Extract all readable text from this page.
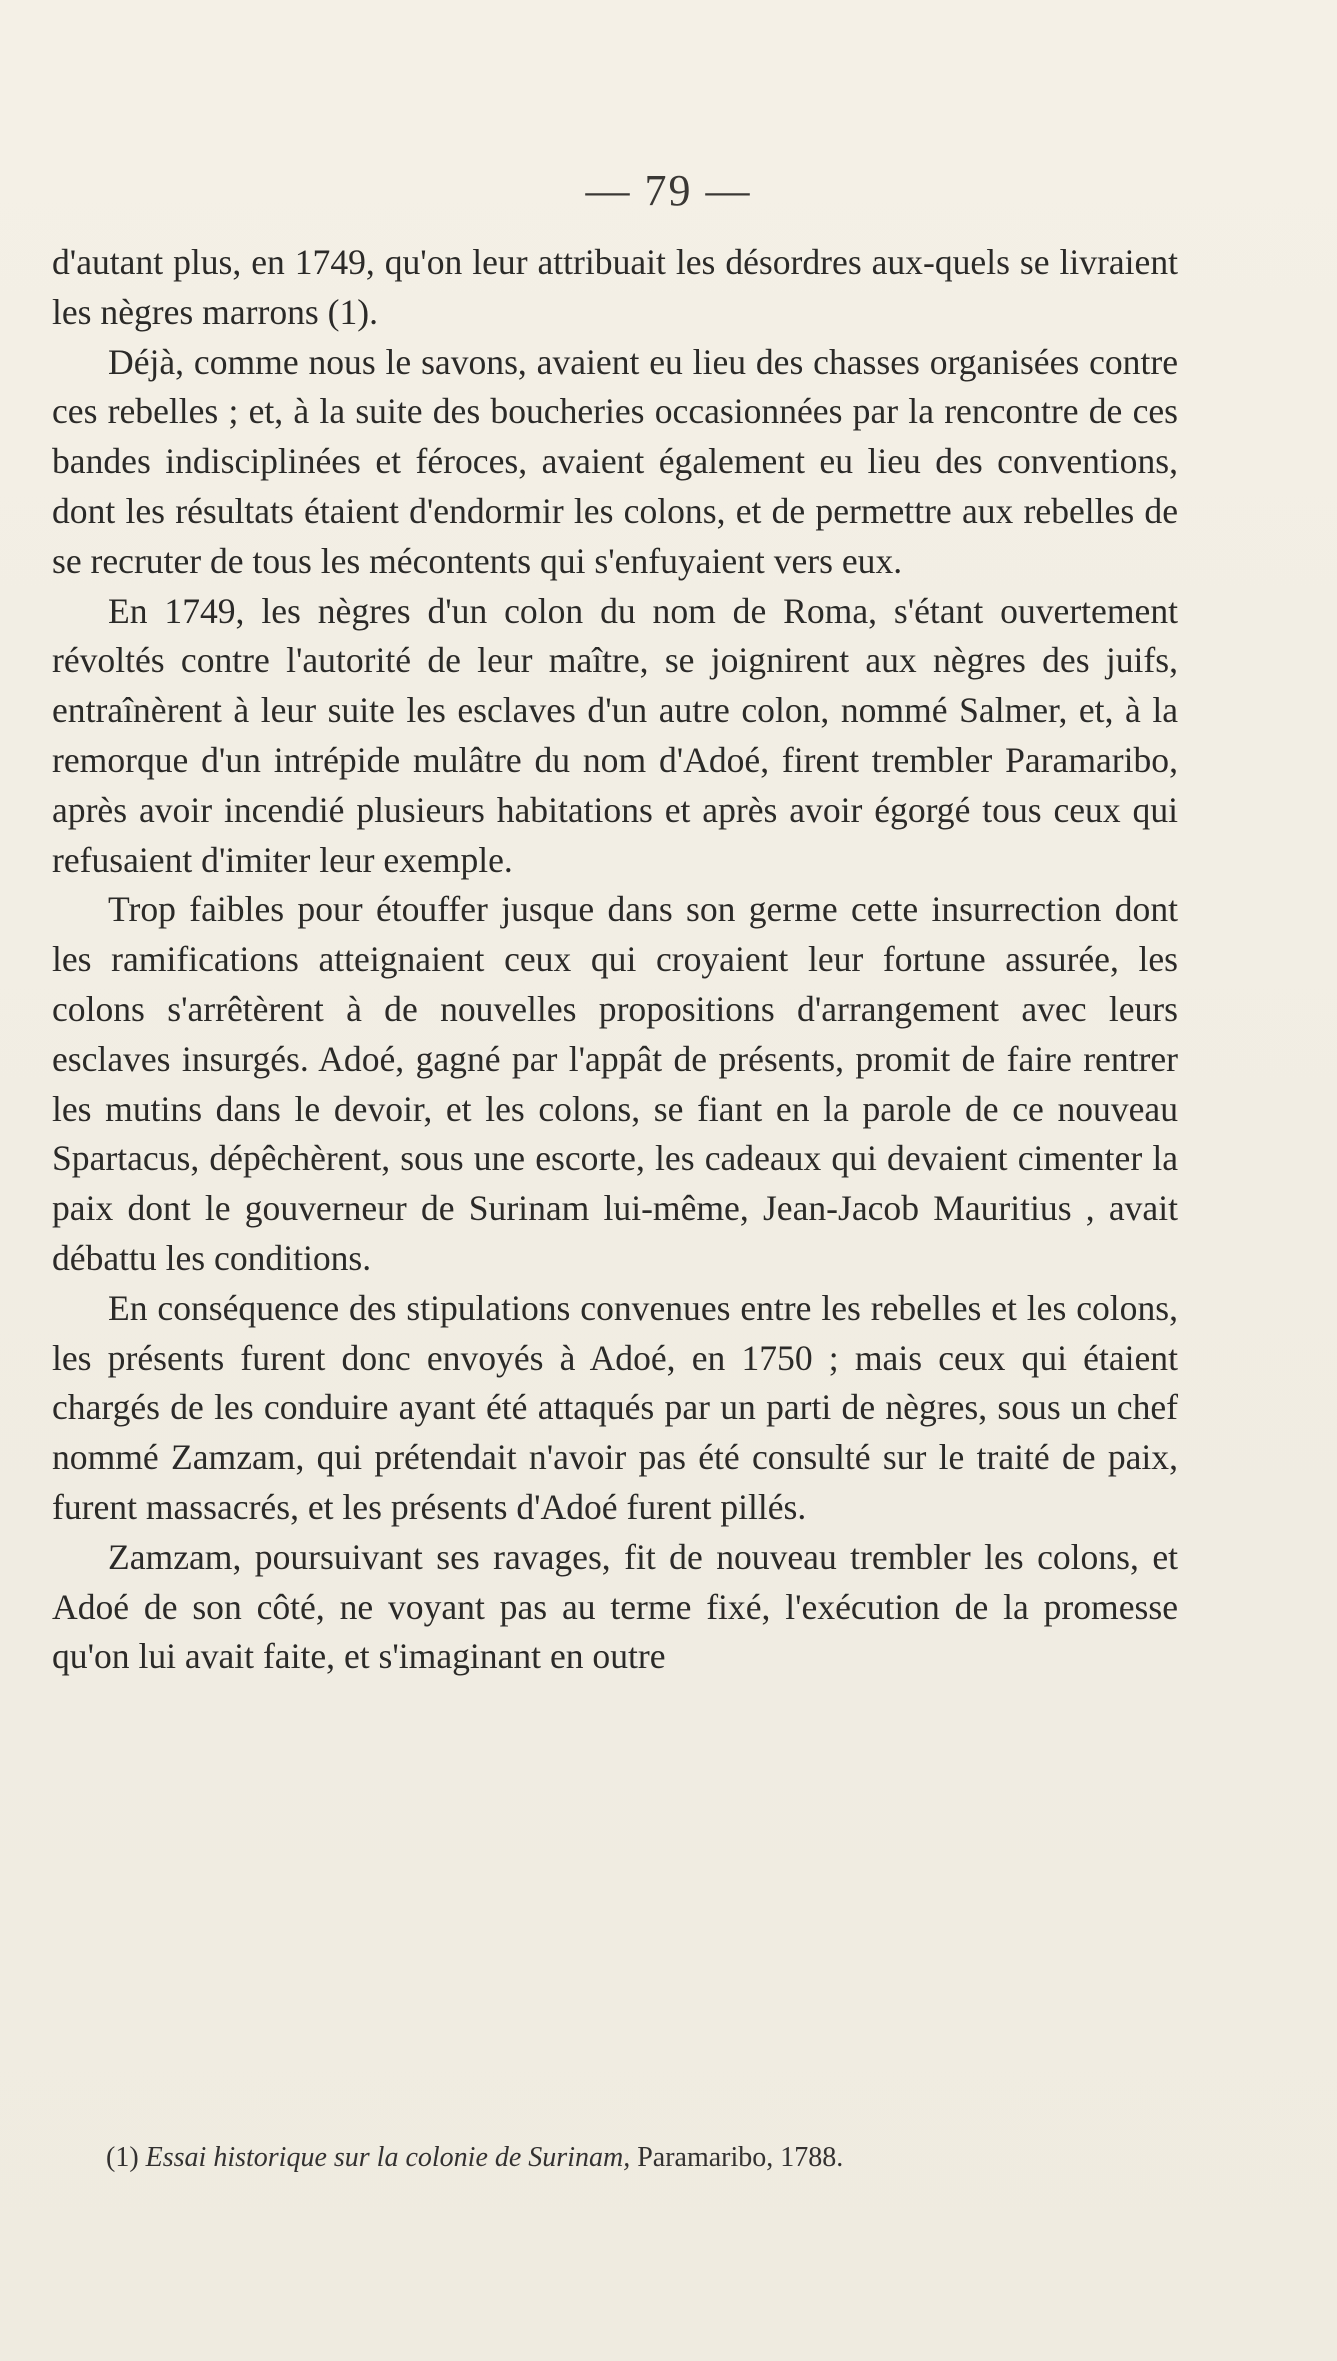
— 79 —

d'autant plus, en 1749, qu'on leur attribuait les désordres aux-quels se livraient les nègres marrons (1).

Déjà, comme nous le savons, avaient eu lieu des chasses organisées contre ces rebelles ; et, à la suite des boucheries occasionnées par la rencontre de ces bandes indisciplinées et féroces, avaient également eu lieu des conventions, dont les résultats étaient d'endormir les colons, et de permettre aux rebelles de se recruter de tous les mécontents qui s'enfuyaient vers eux.

En 1749, les nègres d'un colon du nom de Roma, s'étant ouvertement révoltés contre l'autorité de leur maître, se joignirent aux nègres des juifs, entraînèrent à leur suite les esclaves d'un autre colon, nommé Salmer, et, à la remorque d'un intrépide mulâtre du nom d'Adoé, firent trembler Paramaribo, après avoir incendié plusieurs habitations et après avoir égorgé tous ceux qui refusaient d'imiter leur exemple.

Trop faibles pour étouffer jusque dans son germe cette insurrection dont les ramifications atteignaient ceux qui croyaient leur fortune assurée, les colons s'arrêtèrent à de nouvelles propositions d'arrangement avec leurs esclaves insurgés. Adoé, gagné par l'appât de présents, promit de faire rentrer les mutins dans le devoir, et les colons, se fiant en la parole de ce nouveau Spartacus, dépêchèrent, sous une escorte, les cadeaux qui devaient cimenter la paix dont le gouverneur de Surinam lui-même, Jean-Jacob Mauritius , avait débattu les conditions.

En conséquence des stipulations convenues entre les rebelles et les colons, les présents furent donc envoyés à Adoé, en 1750 ; mais ceux qui étaient chargés de les conduire ayant été attaqués par un parti de nègres, sous un chef nommé Zamzam, qui prétendait n'avoir pas été consulté sur le traité de paix, furent massacrés, et les présents d'Adoé furent pillés.

Zamzam, poursuivant ses ravages, fit de nouveau trembler les colons, et Adoé de son côté, ne voyant pas au terme fixé, l'exécution de la promesse qu'on lui avait faite, et s'imaginant en outre

(1) Essai historique sur la colonie de Surinam, Paramaribo, 1788.
